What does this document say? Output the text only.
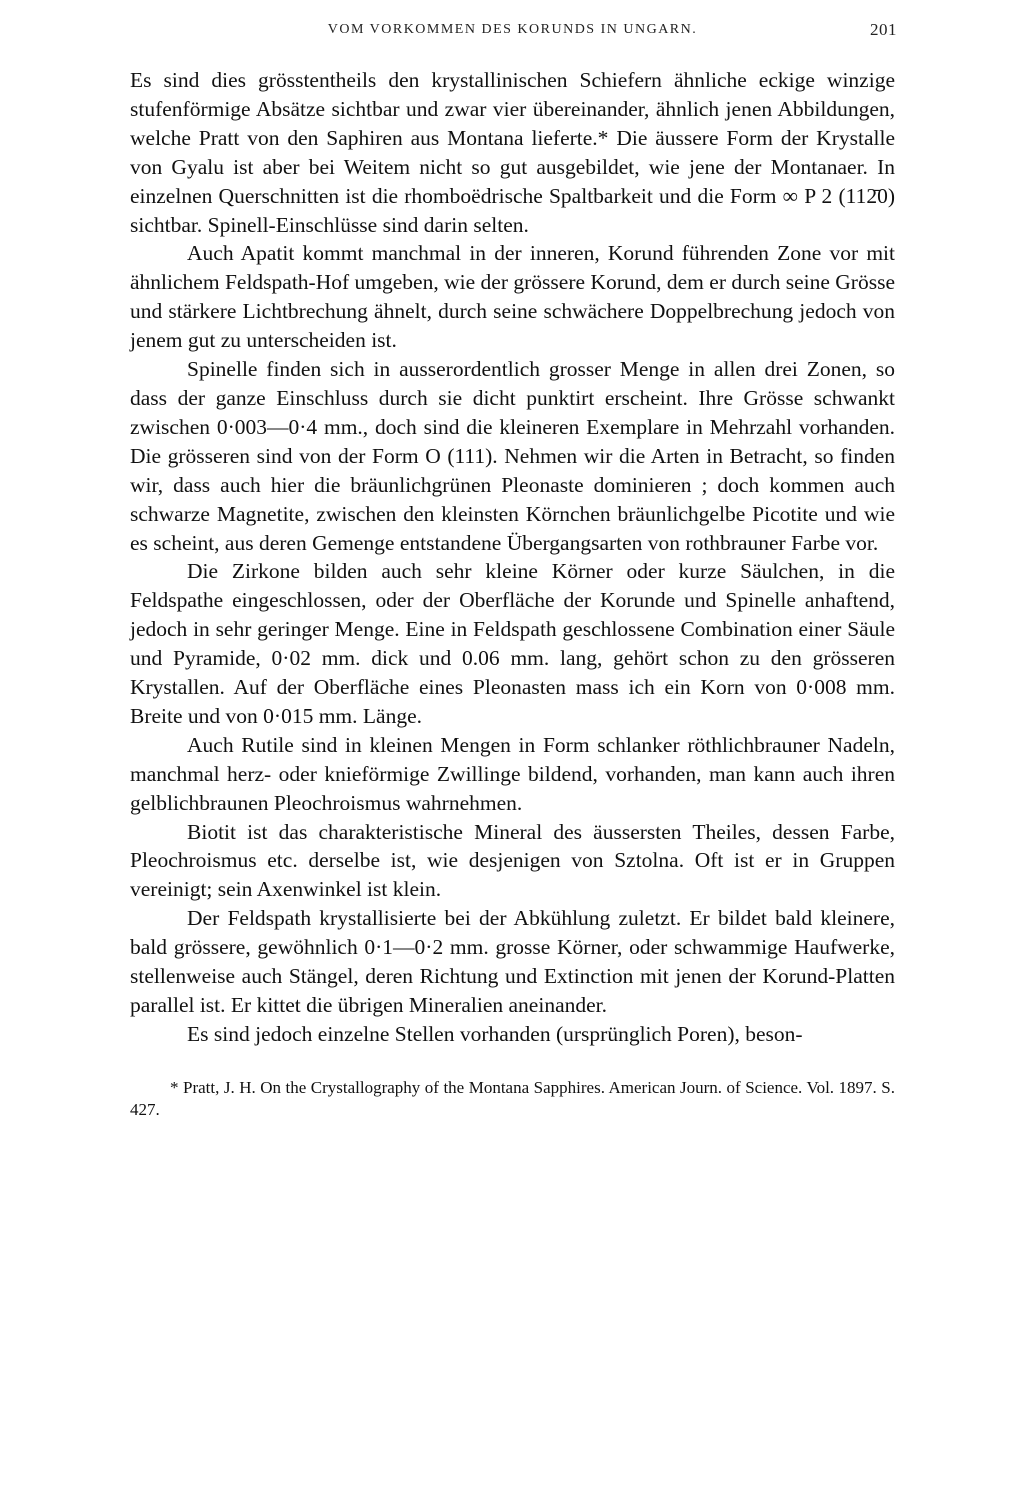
VOM VORKOMMEN DES KORUNDS IN UNGARN.	201

Es sind dies grösstentheils den krystallinischen Schiefern ähnliche eckige winzige stufenförmige Absätze sichtbar und zwar vier übereinander, ähnlich jenen Abbildungen, welche Pratt von den Saphiren aus Montana lieferte.* Die äussere Form der Krystalle von Gyalu ist aber bei Weitem nicht so gut ausgebildet, wie jene der Montanaer. In einzelnen Querschnitten ist die rhomboëdrische Spaltbarkeit und die Form ∞ P 2 (112̄0) sichtbar. Spinell-Einschlüsse sind darin selten.

Auch Apatit kommt manchmal in der inneren, Korund führenden Zone vor mit ähnlichem Feldspath-Hof umgeben, wie der grössere Korund, dem er durch seine Grösse und stärkere Lichtbrechung ähnelt, durch seine schwächere Doppelbrechung jedoch von jenem gut zu unterscheiden ist.

Spinelle finden sich in ausserordentlich grosser Menge in allen drei Zonen, so dass der ganze Einschluss durch sie dicht punktirt erscheint. Ihre Grösse schwankt zwischen 0·003—0·4 mm., doch sind die kleineren Exemplare in Mehrzahl vorhanden. Die grösseren sind von der Form O (111). Nehmen wir die Arten in Betracht, so finden wir, dass auch hier die bräunlichgrünen Pleonaste dominieren ; doch kommen auch schwarze Magnetite, zwischen den kleinsten Körnchen bräunlichgelbe Picotite und wie es scheint, aus deren Gemenge entstandene Übergangsarten von rothbrauner Farbe vor.

Die Zirkone bilden auch sehr kleine Körner oder kurze Säulchen, in die Feldspathe eingeschlossen, oder der Oberfläche der Korunde und Spinelle anhaftend, jedoch in sehr geringer Menge. Eine in Feldspath geschlossene Combination einer Säule und Pyramide, 0·02 mm. dick und 0.06 mm. lang, gehört schon zu den grösseren Krystallen. Auf der Oberfläche eines Pleonasten mass ich ein Korn von 0·008 mm. Breite und von 0·015 mm. Länge.

Auch Rutile sind in kleinen Mengen in Form schlanker röthlichbrauner Nadeln, manchmal herz- oder knieförmige Zwillinge bildend, vorhanden, man kann auch ihren gelblichbraunen Pleochroismus wahrnehmen.

Biotit ist das charakteristische Mineral des äussersten Theiles, dessen Farbe, Pleochroismus etc. derselbe ist, wie desjenigen von Sztolna. Oft ist er in Gruppen vereinigt; sein Axenwinkel ist klein.

Der Feldspath krystallisierte bei der Abkühlung zuletzt. Er bildet bald kleinere, bald grössere, gewöhnlich 0·1—0·2 mm. grosse Körner, oder schwammige Haufwerke, stellenweise auch Stängel, deren Richtung und Extinction mit jenen der Korund-Platten parallel ist. Er kittet die übrigen Mineralien aneinander.

Es sind jedoch einzelne Stellen vorhanden (ursprünglich Poren), beson-

* Pratt, J. H. On the Crystallography of the Montana Sapphires. American Journ. of Science. Vol. 1897. S. 427.
